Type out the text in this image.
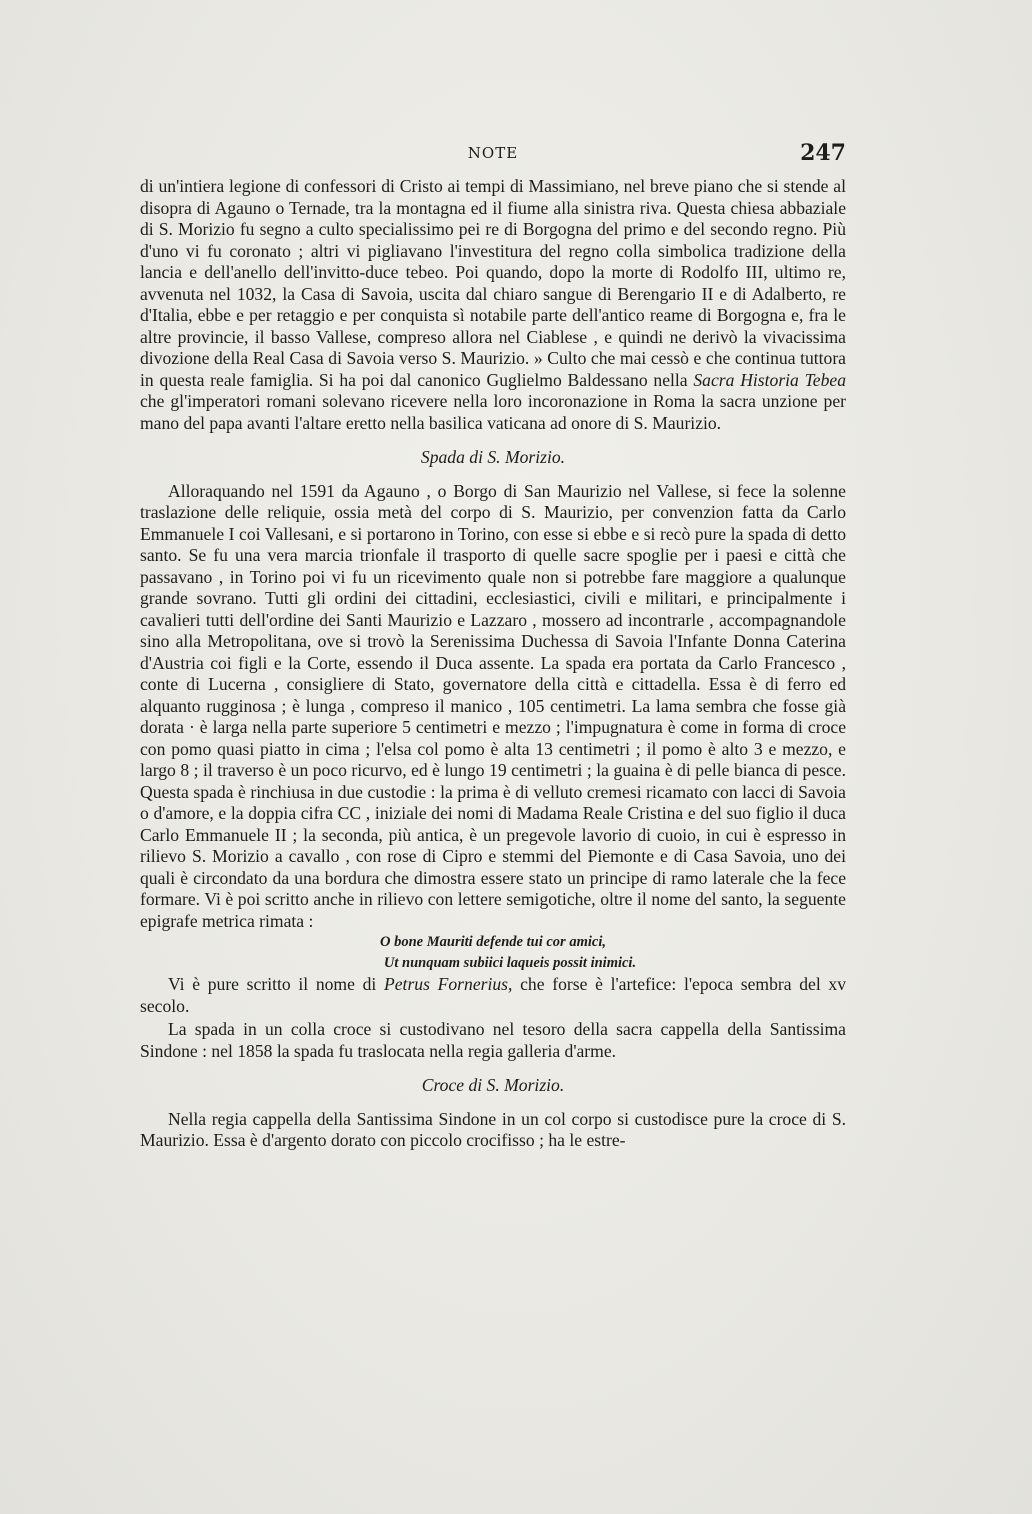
NOTE	247

di un'intiera legione di confessori di Cristo ai tempi di Massimiano, nel breve piano che si stende al disopra di Agauno o Ternade, tra la montagna ed il fiume alla sinistra riva. Questa chiesa abbaziale di S. Morizio fu segno a culto specialissimo pei re di Borgogna del primo e del secondo regno. Più d'uno vi fu coronato ; altri vi pigliavano l'investitura del regno colla simbolica tradizione della lancia e dell'anello dell'invitto-duce tebeo. Poi quando, dopo la morte di Rodolfo III, ultimo re, avvenuta nel 1032, la Casa di Savoia, uscita dal chiaro sangue di Berengario II e di Adalberto, re d'Italia, ebbe e per retaggio e per conquista sì notabile parte dell'antico reame di Borgogna e, fra le altre provincie, il basso Vallese, compreso allora nel Ciablese , e quindi ne derivò la vivacissima divozione della Real Casa di Savoia verso S. Maurizio. » Culto che mai cessò e che continua tuttora in questa reale famiglia. Si ha poi dal canonico Guglielmo Baldessano nella Sacra Historia Tebea che gl'imperatori romani solevano ricevere nella loro incoronazione in Roma la sacra unzione per mano del papa avanti l'altare eretto nella basilica vaticana ad onore di S. Maurizio.

Spada di S. Morizio.

Alloraquando nel 1591 da Agauno , o Borgo di San Maurizio nel Vallese, si fece la solenne traslazione delle reliquie, ossia metà del corpo di S. Maurizio, per convenzion fatta da Carlo Emmanuele I coi Vallesani, e si portarono in Torino, con esse si ebbe e si recò pure la spada di detto santo. Se fu una vera marcia trionfale il trasporto di quelle sacre spoglie per i paesi e città che passavano , in Torino poi vi fu un ricevimento quale non si potrebbe fare maggiore a qualunque grande sovrano. Tutti gli ordini dei cittadini, ecclesiastici, civili e militari, e principalmente i cavalieri tutti dell'ordine dei Santi Maurizio e Lazzaro , mossero ad incontrarle , accompagnandole sino alla Metropolitana, ove si trovò la Serenissima Duchessa di Savoia l'Infante Donna Caterina d'Austria coi figli e la Corte, essendo il Duca assente. La spada era portata da Carlo Francesco , conte di Lucerna , consigliere di Stato, governatore della città e cittadella. Essa è di ferro ed alquanto rugginosa ; è lunga , compreso il manico , 105 centimetri. La lama sembra che fosse già dorata · è larga nella parte superiore 5 centimetri e mezzo ; l'impugnatura è come in forma di croce con pomo quasi piatto in cima ; l'elsa col pomo è alta 13 centimetri ; il pomo è alto 3 e mezzo, e largo 8 ; il traverso è un poco ricurvo, ed è lungo 19 centimetri ; la guaina è di pelle bianca di pesce. Questa spada è rinchiusa in due custodie : la prima è di velluto cremesi ricamato con lacci di Savoia o d'amore, e la doppia cifra CC , iniziale dei nomi di Madama Reale Cristina e del suo figlio il duca Carlo Emmanuele II ; la seconda, più antica, è un pregevole lavorio di cuoio, in cui è espresso in rilievo S. Morizio a cavallo , con rose di Cipro e stemmi del Piemonte e di Casa Savoia, uno dei quali è circondato da una bordura che dimostra essere stato un principe di ramo laterale che la fece formare. Vi è poi scritto anche in rilievo con lettere semigotiche, oltre il nome del santo, la seguente epigrafe metrica rimata :

O bone Mauriti defende tui cor amici,
Ut nunquam subiici laqueis possit inimici.

Vi è pure scritto il nome di Petrus Fornerius, che forse è l'artefice: l'epoca sembra del xv secolo.

La spada in un colla croce si custodivano nel tesoro della sacra cappella della Santissima Sindone : nel 1858 la spada fu traslocata nella regia galleria d'arme.

Croce di S. Morizio.

Nella regia cappella della Santissima Sindone in un col corpo si custodisce pure la croce di S. Maurizio. Essa è d'argento dorato con piccolo crocifisso ; ha le estre-
